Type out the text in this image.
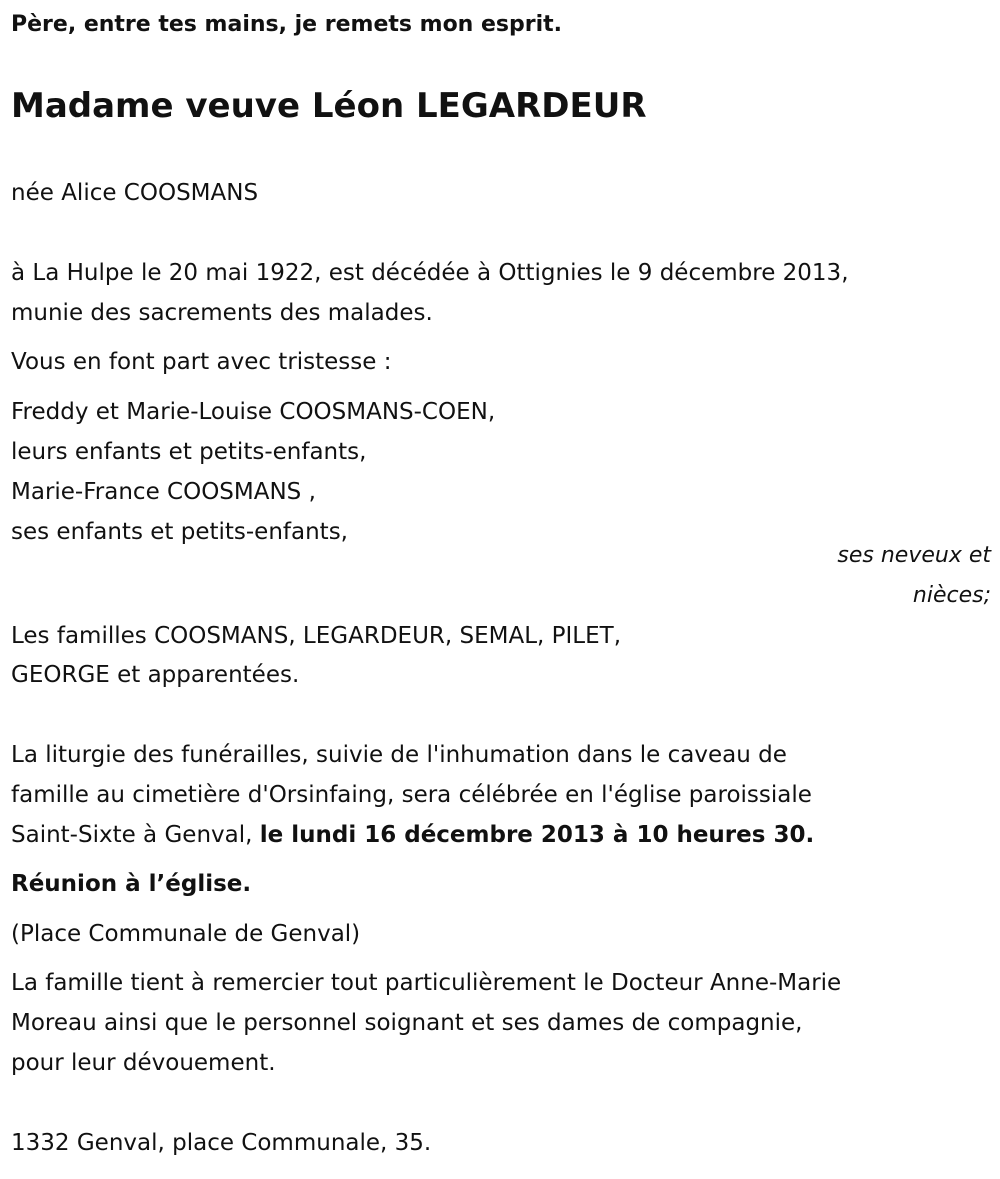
Père, entre tes mains, je remets mon esprit.
Madame veuve Léon LEGARDEUR
née Alice COOSMANS
à La Hulpe le 20 mai 1922, est décédée à Ottignies le 9 décembre 2013,
munie des sacrements des malades.
Vous en font part avec tristesse :
Freddy et Marie-Louise COOSMANS-COEN,
leurs enfants et petits-enfants,
Marie-France COOSMANS ,
ses enfants et petits-enfants,
ses neveux et
nièces;
Les familles COOSMANS, LEGARDEUR, SEMAL, PILET,
GEORGE et apparentées.
La liturgie des funérailles, suivie de l'inhumation dans le caveau de
famille au cimetière d'Orsinfaing, sera célébrée en l'église paroissiale
Saint-Sixte à Genval, le lundi 16 décembre 2013 à 10 heures 30.
Réunion à l’église.
(Place Communale de Genval)
La famille tient à remercier tout particulièrement le Docteur Anne-Marie
Moreau ainsi que le personnel soignant et ses dames de compagnie,
pour leur dévouement.
1332 Genval, place Communale, 35.
